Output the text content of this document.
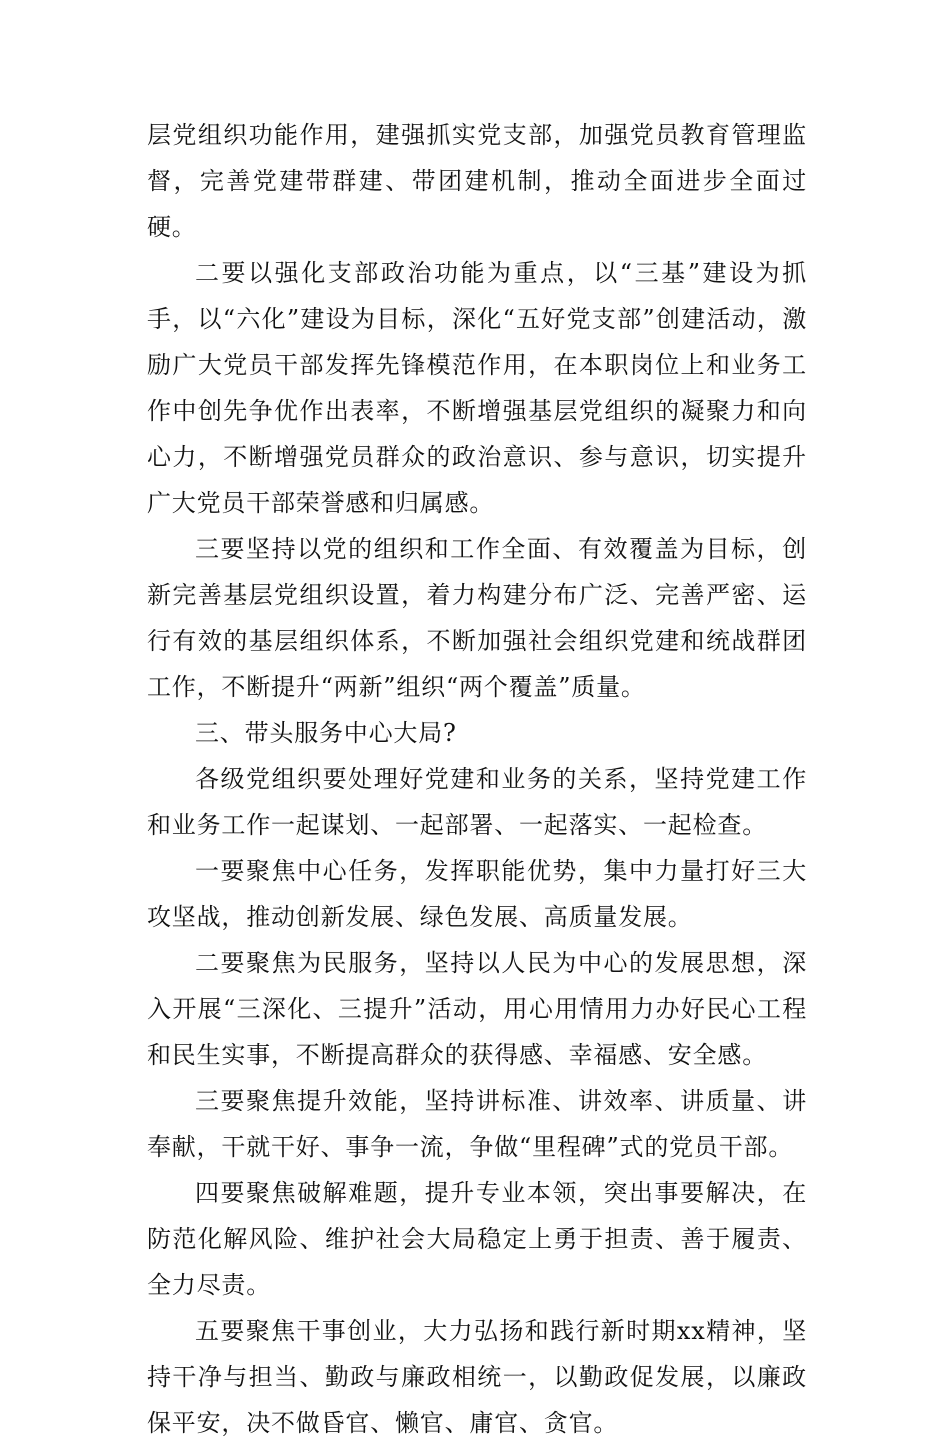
层党组织功能作用，建强抓实党支部，加强党员教育管理监督，完善党建带群建、带团建机制，推动全面进步全面过硬。

二要以强化支部政治功能为重点，以“三基”建设为抓手，以“六化”建设为目标，深化“五好党支部”创建活动，激励广大党员干部发挥先锋模范作用，在本职岗位上和业务工作中创先争优作出表率，不断增强基层党组织的凝聚力和向心力，不断增强党员群众的政治意识、参与意识，切实提升广大党员干部荣誉感和归属感。

三要坚持以党的组织和工作全面、有效覆盖为目标，创新完善基层党组织设置，着力构建分布广泛、完善严密、运行有效的基层组织体系，不断加强社会组织党建和统战群团工作，不断提升“两新”组织“两个覆盖”质量。

三、带头服务中心大局?

各级党组织要处理好党建和业务的关系，坚持党建工作和业务工作一起谋划、一起部署、一起落实、一起检查。

一要聚焦中心任务，发挥职能优势，集中力量打好三大攻坚战，推动创新发展、绿色发展、高质量发展。

二要聚焦为民服务，坚持以人民为中心的发展思想，深入开展“三深化、三提升”活动，用心用情用力办好民心工程和民生实事，不断提高群众的获得感、幸福感、安全感。

三要聚焦提升效能，坚持讲标准、讲效率、讲质量、讲奉献，干就干好、事争一流，争做“里程碑”式的党员干部。

四要聚焦破解难题，提升专业本领，突出事要解决，在防范化解风险、维护社会大局稳定上勇于担责、善于履责、全力尽责。

五要聚焦干事创业，大力弘扬和践行新时期xx精神，坚持干净与担当、勤政与廉政相统一，以勤政促发展，以廉政保平安，决不做昏官、懒官、庸官、贪官。
